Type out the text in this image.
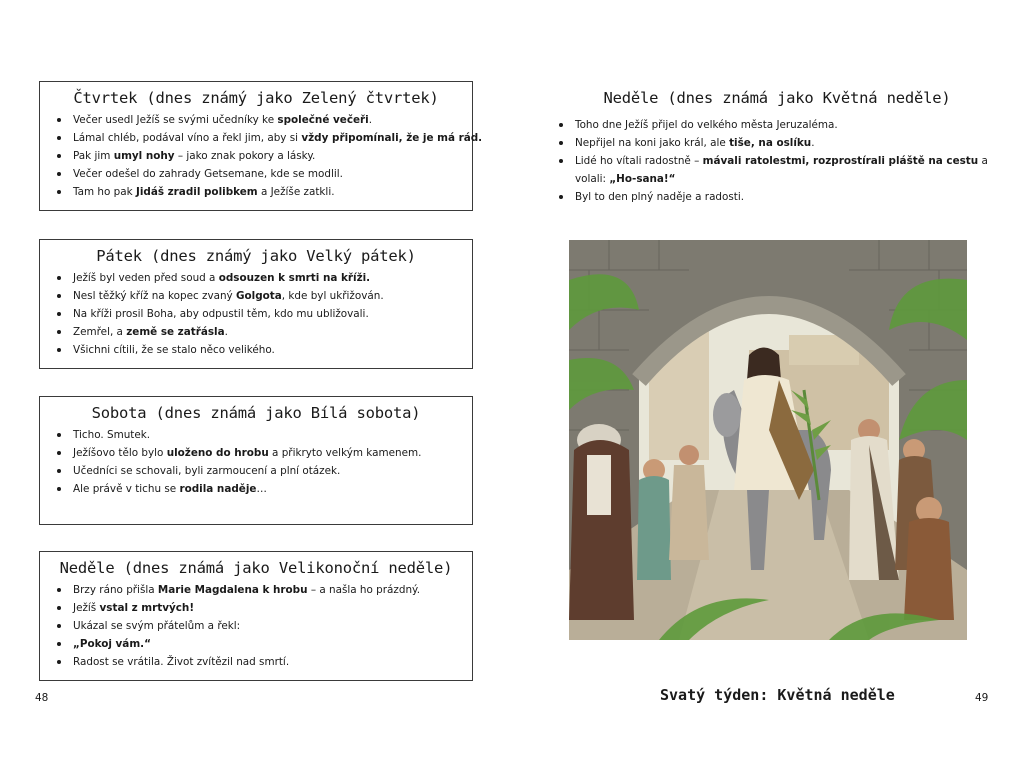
Čtvrtek (dnes známý jako Zelený čtvrtek)
Večer usedl Ježíš se svými učedníky ke společné večeři.
Lámal chléb, podával víno a řekl jim, aby si vždy připomínali, že je má rád.
Pak jim umyl nohy – jako znak pokory a lásky.
Večer odešel do zahrady Getsemane, kde se modlil.
Tam ho pak Jidáš zradil polibkem a Ježíše zatkli.
Pátek (dnes známý jako Velký pátek)
Ježíš byl veden před soud a odsouzen k smrti na kříži.
Nesl těžký kříž na kopec zvaný Golgota, kde byl ukřižován.
Na kříži prosil Boha, aby odpustil těm, kdo mu ubližovali.
Zemřel, a země se zatřásla.
Všichni cítili, že se stalo něco velikého.
Sobota (dnes známá jako Bílá sobota)
Ticho. Smutek.
Ježíšovo tělo bylo uloženo do hrobu a přikryto velkým kamenem.
Učedníci se schovali, byli zarmoucení a plní otázek.
Ale právě v tichu se rodila naděje…
Neděle (dnes známá jako Velikonoční neděle)
Brzy ráno přišla Marie Magdalena k hrobu – a našla ho prázdný.
Ježíš vstal z mrtvých!
Ukázal se svým přátelům a řekl:
„Pokoj vám.“
Radost se vrátila. Život zvítězil nad smrtí.
48
Neděle (dnes známá jako Květná neděle)
Toho dne Ježíš přijel do velkého města Jeruzaléma.
Nepřijel na koni jako král, ale tiše, na oslíku.
Lidé ho vítali radostně – mávali ratolestmi, rozprostírali pláště na cestu a volali: „Ho-sana!“
Byl to den plný naděje a radosti.
Svatý týden: Květná neděle	49
